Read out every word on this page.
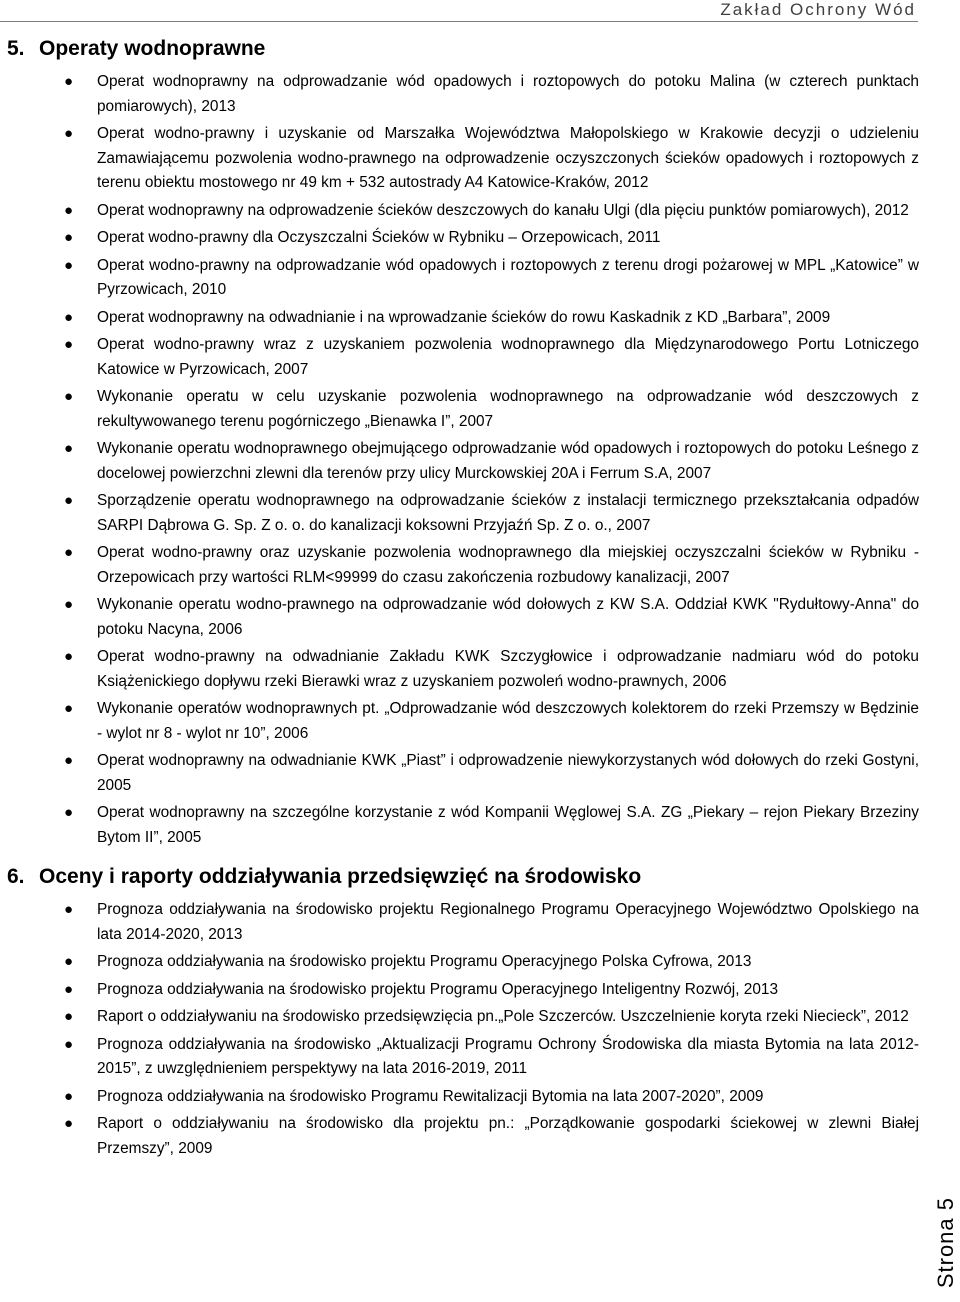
Zakład Ochrony Wód
5. Operaty wodnoprawne
● Operat wodnoprawny na odprowadzanie wód opadowych i roztopowych do potoku Malina (w czterech punktach pomiarowych), 2013
● Operat wodno-prawny i uzyskanie od Marszałka Województwa Małopolskiego w Krakowie decyzji o udzieleniu Zamawiającemu pozwolenia wodno-prawnego na odprowadzenie oczyszczonych ścieków opadowych i roztopowych z terenu obiektu mostowego nr 49 km + 532 autostrady A4 Katowice-Kraków, 2012
● Operat wodnoprawny na odprowadzenie ścieków deszczowych do kanału Ulgi (dla pięciu punktów pomiarowych), 2012
● Operat wodno-prawny dla Oczyszczalni Ścieków w Rybniku – Orzepowicach, 2011
● Operat wodno-prawny na odprowadzanie wód opadowych i roztopowych z terenu drogi pożarowej w MPL „Katowice” w Pyrzowicach, 2010
● Operat wodnoprawny na odwadnianie i na wprowadzanie ścieków do rowu Kaskadnik z KD „Barbara”, 2009
● Operat wodno-prawny wraz z uzyskaniem pozwolenia wodnoprawnego dla Międzynarodowego Portu Lotniczego Katowice w Pyrzowicach, 2007
● Wykonanie operatu w celu uzyskanie pozwolenia wodnoprawnego na odprowadzanie wód deszczowych z rekultywowanego terenu pogórniczego „Bienawka I”, 2007
● Wykonanie operatu wodnoprawnego obejmującego odprowadzanie wód opadowych i roztopowych do potoku Leśnego z docelowej powierzchni zlewni dla terenów przy ulicy Murckowskiej 20A i Ferrum S.A, 2007
● Sporządzenie operatu wodnoprawnego na odprowadzanie ścieków z instalacji termicznego przekształcania odpadów SARPI Dąbrowa G. Sp. Z o. o. do kanalizacji koksowni Przyjaźń Sp. Z o. o., 2007
● Operat wodno-prawny oraz uzyskanie pozwolenia wodnoprawnego dla miejskiej oczyszczalni ścieków w Rybniku - Orzepowicach przy wartości RLM<99999 do czasu zakończenia rozbudowy kanalizacji, 2007
● Wykonanie operatu wodno-prawnego na odprowadzanie wód dołowych z KW S.A. Oddział KWK "Rydułtowy-Anna" do potoku Nacyna, 2006
● Operat wodno-prawny na odwadnianie Zakładu KWK Szczygłowice i odprowadzanie nadmiaru wód do potoku Książenickiego dopływu rzeki Bierawki wraz z uzyskaniem pozwoleń wodno-prawnych, 2006
● Wykonanie operatów wodnoprawnych pt. „Odprowadzanie wód deszczowych kolektorem do rzeki Przemszy w Będzinie - wylot nr 8 - wylot nr 10”, 2006
● Operat wodnoprawny na odwadnianie KWK „Piast” i odprowadzenie niewykorzystanych wód dołowych do rzeki Gostyni, 2005
● Operat wodnoprawny na szczególne korzystanie z wód Kompanii Węglowej S.A. ZG „Piekary – rejon Piekary Brzeziny Bytom II”, 2005
6. Oceny i raporty oddziaływania przedsięwzięć na środowisko
● Prognoza oddziaływania na środowisko projektu Regionalnego Programu Operacyjnego Województwo Opolskiego na lata 2014-2020, 2013
● Prognoza oddziaływania na środowisko projektu Programu Operacyjnego Polska Cyfrowa, 2013
● Prognoza oddziaływania na środowisko projektu Programu Operacyjnego Inteligentny Rozwój, 2013
● Raport o oddziaływaniu na środowisko przedsięwzięcia pn.„Pole Szczerców. Uszczelnienie koryta rzeki Niecieck”, 2012
● Prognoza oddziaływania na środowisko „Aktualizacji Programu Ochrony Środowiska dla miasta Bytomia na lata 2012-2015”, z uwzględnieniem perspektywy na lata 2016-2019, 2011
● Prognoza oddziaływania na środowisko Programu Rewitalizacji Bytomia na lata 2007-2020”, 2009
● Raport o oddziaływaniu na środowisko dla projektu pn.: „Porządkowanie gospodarki ściekowej w zlewni Białej Przemszy”, 2009
Strona 5
